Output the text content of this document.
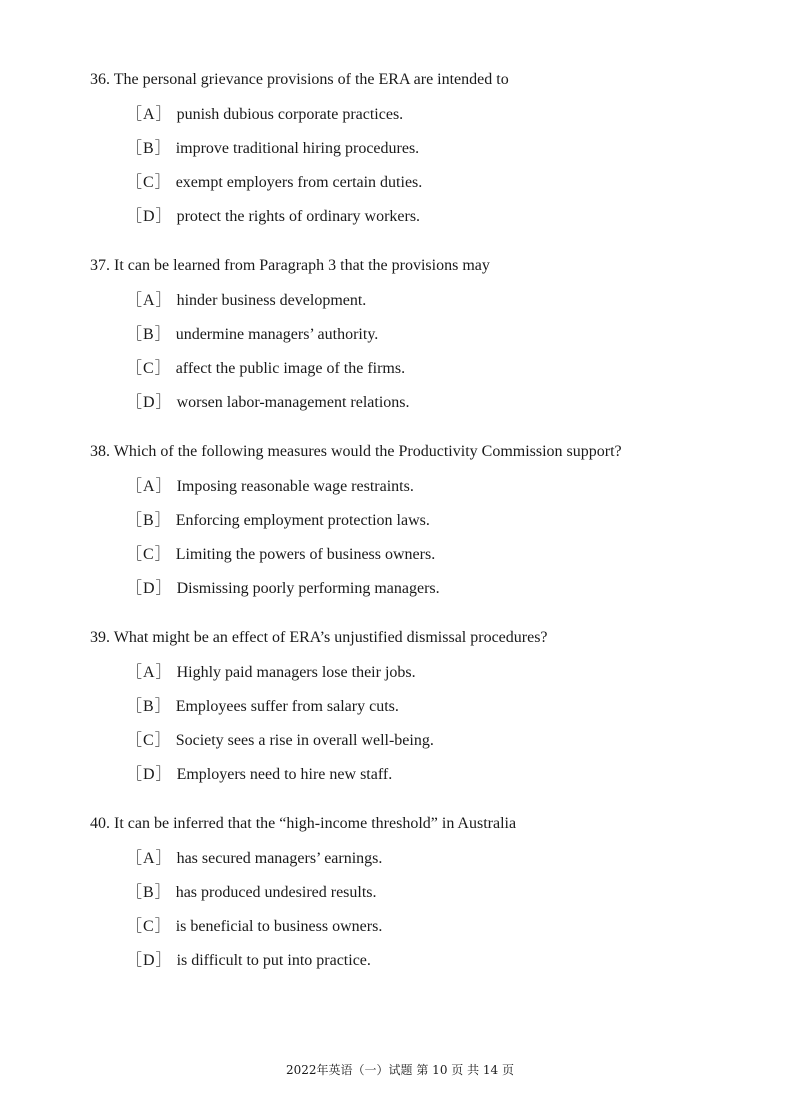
36. The personal grievance provisions of the ERA are intended to

［A］ punish dubious corporate practices.
［B］ improve traditional hiring procedures.
［C］ exempt employers from certain duties.
［D］ protect the rights of ordinary workers.

37. It can be learned from Paragraph 3 that the provisions may

［A］ hinder business development.
［B］ undermine managers’ authority.
［C］ affect the public image of the firms.
［D］ worsen labor-management relations.

38. Which of the following measures would the Productivity Commission support?

［A］ Imposing reasonable wage restraints.
［B］ Enforcing employment protection laws.
［C］ Limiting the powers of business owners.
［D］ Dismissing poorly performing managers.

39. What might be an effect of ERA’s unjustified dismissal procedures?

［A］ Highly paid managers lose their jobs.
［B］ Employees suffer from salary cuts.
［C］ Society sees a rise in overall well-being.
［D］ Employers need to hire new staff.

40. It can be inferred that the “high-income threshold” in Australia

［A］ has secured managers’ earnings.
［B］ has produced undesired results.
［C］ is beneficial to business owners.
［D］ is difficult to put into practice.
2022年英语（一）试题 第 10 页 共 14 页
